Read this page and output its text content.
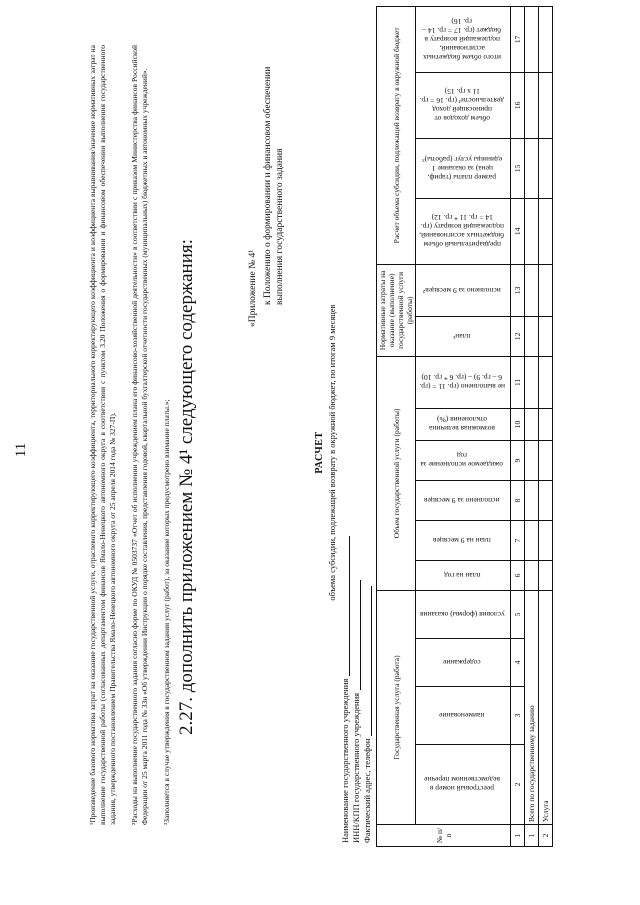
11	¹Произведение базового норматива затрат на оказание государственной услуги, отраслевого корректирующего коэффициента, территориального корректирующего коэффициента и коэффициента выравнивания/значение нормативных затрат на выполнение государственной работы (согласованных департаментом финансов Ямало-Ненецкого автономного округа в соответствии с пунктом 3.20 Положения о формировании и финансовом обеспечении выполнения государственного задания, утвержденного постановлением Правительства Ямало-Ненецкого автономного округа от 25 апреля 2014 года № 327-П). ²Расходы на выполнение государственного задания согласно форме по ОКУД № 0503737 «Отчет об исполнении учреждением плана его финансово-хозяйственной деятельности» в соответствии с приказом Министерства финансов Российской Федерации от 25 марта 2011 года № 33н «Об утверждении Инструкции о порядке составления, представления годовой, квартальной бухгалтерской отчетности государственных (муниципальных) бюджетных и автономных учреждений». ³Заполняется в случае утверждения в государственном задании услуг (работ), за оказание которых предусмотрено взимание платы.»; 2.27. дополнить приложением № 4¹ следующего содержания:	«Приложение № 4¹ к Положению о формировании и финансовом обеспечении выполнения государственного задания
РАСЧЕТ объема субсидии, подлежащей возврату в окружной бюджет, по итогам 9 месяцев
Наименование государственного учреждения ИНН/КПП государственного учреждения Фактический адрес, телефон	№ п/п	Государственная услуга (работа)				Объем государственной услуги (работы)						Нормативные затраты на оказание (выполнение) государственной услуги (работы)		Расчет объема субсидии, подлежащей возврату в окружной бюджет			
	реестровый номер в ведомственном перечне	наименование	содержание	условия (формы) оказания	план на год	план на 9 месяцев	исполнено за 9 месяцев	ожидаемое исполнение за год	возможная величина отклонения (%)	не выполнено (гр. 11 = (гр. 6 – гр. 9) – (гр. 6 * гр. 10)	план¹	исполнено за 9 месяцев²	предварительный объем бюджетных ассигнований, подлежащий возврату (гр. 14 = гр. 11 * гр. 12)	размер платы (тариф, цена) за оказание 1 единицы услуг (работы)³	объем доходов от приносящей доход деятельности³ (гр. 16 = гр. 11 х гр. 15)	итого объем бюджетных ассигнований, подлежащий возврату в бюджет (гр. 17 = гр. 14 – гр. 16)
1	2	3	4	5	6	7	8	9	10	11	12	13	14	15	16	17
1	Всего по государственному заданию															
2	Услуга															
